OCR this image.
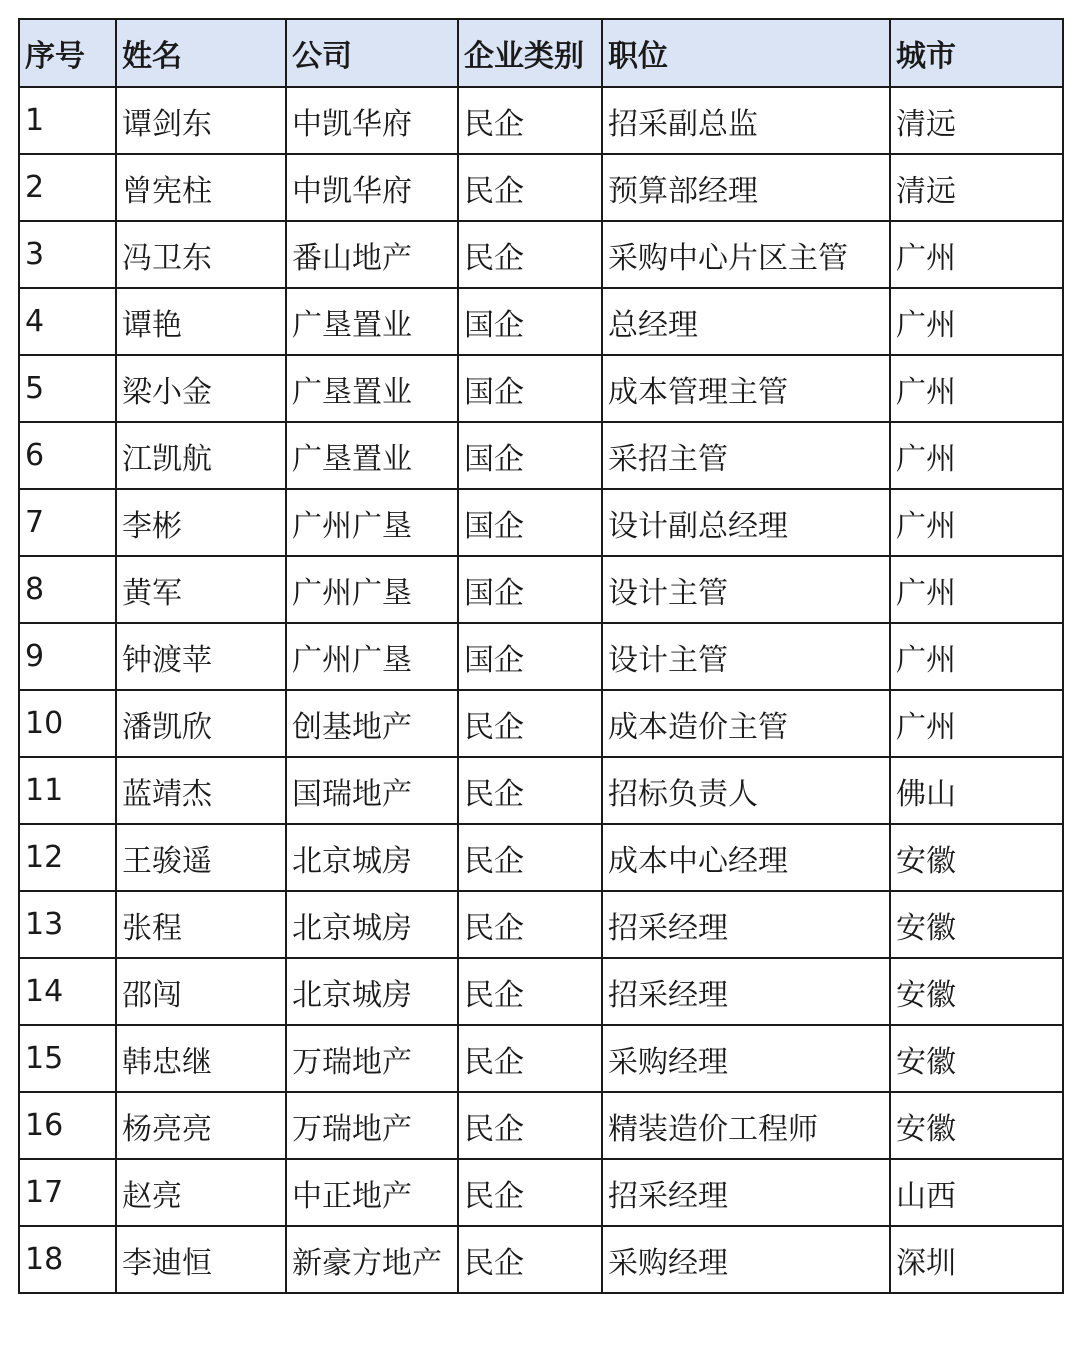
序号	姓名	公司	企业类别	职位	城市
1	谭剑东	中凯华府	民企	招采副总监	清远
2	曾宪柱	中凯华府	民企	预算部经理	清远
3	冯卫东	番山地产	民企	采购中心片区主管	广州
4	谭艳	广垦置业	国企	总经理	广州
5	梁小金	广垦置业	国企	成本管理主管	广州
6	江凯航	广垦置业	国企	采招主管	广州
7	李彬	广州广垦	国企	设计副总经理	广州
8	黄军	广州广垦	国企	设计主管	广州
9	钟渡苹	广州广垦	国企	设计主管	广州
10	潘凯欣	创基地产	民企	成本造价主管	广州
11	蓝靖杰	国瑞地产	民企	招标负责人	佛山
12	王骏遥	北京城房	民企	成本中心经理	安徽
13	张程	北京城房	民企	招采经理	安徽
14	邵闯	北京城房	民企	招采经理	安徽
15	韩忠继	万瑞地产	民企	采购经理	安徽
16	杨亮亮	万瑞地产	民企	精装造价工程师	安徽
17	赵亮	中正地产	民企	招采经理	山西
18	李迪恒	新豪方地产	民企	采购经理	深圳
